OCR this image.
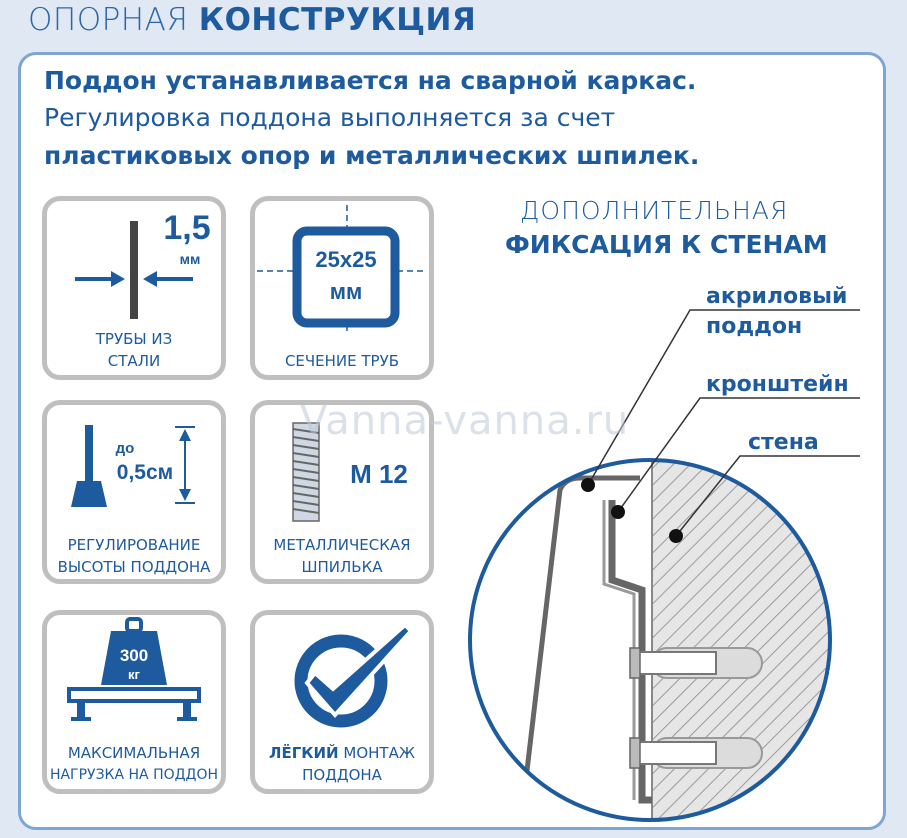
ОПОРНАЯ КОНСТРУКЦИЯ
Поддон устанавливается на сварной каркас.
Регулировка поддона выполняется за счет
пластиковых опор и металлических шпилек.
1,5
мм
ТРУБЫ ИЗ
СТАЛИ
25х25
мм
СЕЧЕНИЕ ТРУБ
до
0,5см
РЕГУЛИРОВАНИЕ
ВЫСОТЫ ПОДДОНА
M 12
МЕТАЛЛИЧЕСКАЯ
ШПИЛЬКА
300
кг
МАКСИМАЛЬНАЯ
НАГРУЗКА НА ПОДДОН
ЛЁГКИЙ МОНТАЖ
ПОДДОНА
ДОПОЛНИТЕЛЬНАЯ
ФИКСАЦИЯ К СТЕНАМ
акриловый
поддон
кронштейн
стена
Vanna-vanna.ru
